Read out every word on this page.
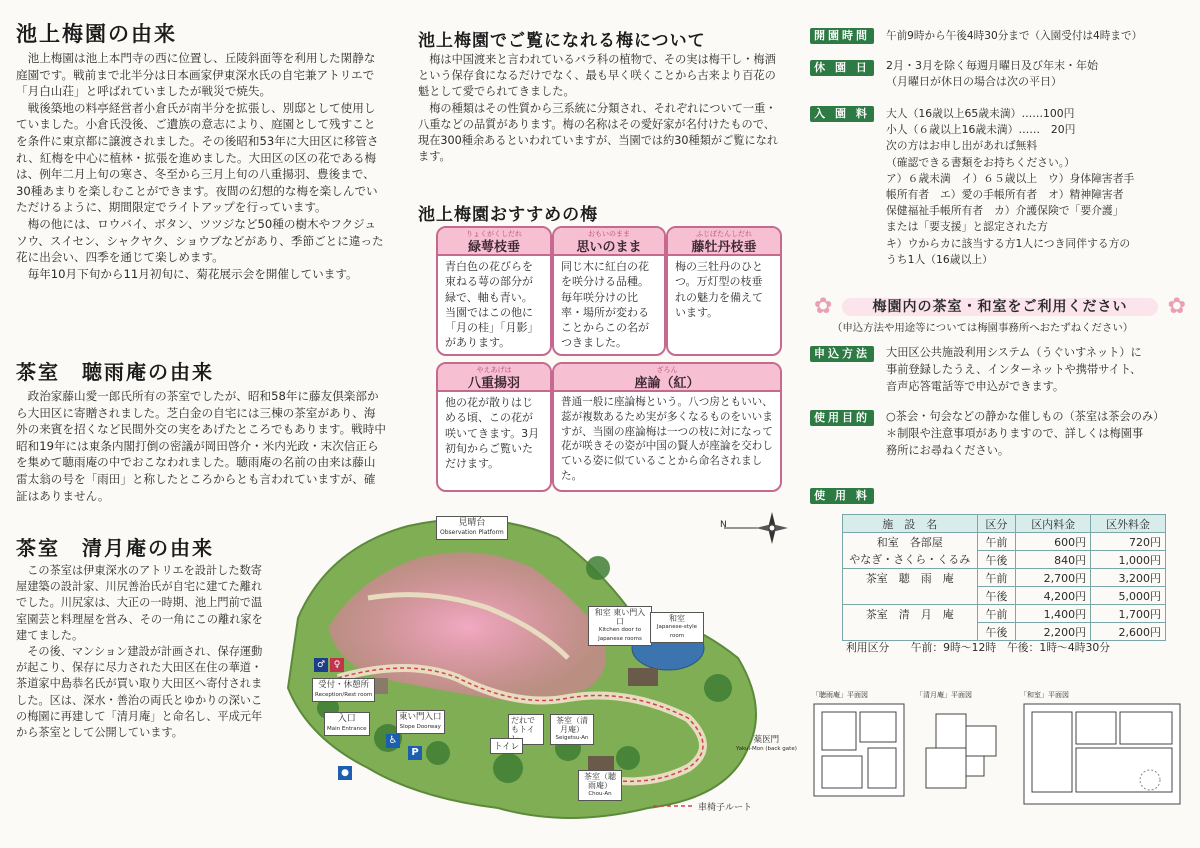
池上梅園の由来

池上梅園は池上本門寺の西に位置し、丘陵斜面等を利用した閑静な庭園です。戦前まで北半分は日本画家伊東深水氏の自宅兼アトリエで「月白山荘」と呼ばれていましたが戦災で焼失。

戦後築地の料亭経営者小倉氏が南半分を拡張し、別邸として使用していました。小倉氏没後、ご遺族の意志により、庭園として残すことを条件に東京都に譲渡されました。その後昭和53年に大田区に移管され、紅梅を中心に植林・拡張を進めました。大田区の区の花である梅は、例年二月上旬の寒さ、冬至から三月上旬の八重揚羽、豊後まで、30種あまりを楽しむことができます。夜間の幻想的な梅を楽しんでいただけるように、期間限定でライトアップを行っています。

梅の他には、ロウバイ、ボタン、ツツジなど50種の樹木やフクジュソウ、スイセン、シャクヤク、ショウブなどがあり、季節ごとに違った花に出会い、四季を通じて楽しめます。

毎年10月下旬から11月初旬に、菊花展示会を開催しています。

茶室　聴雨庵の由来

政治家藤山愛一郎氏所有の茶室でしたが、昭和58年に藤友倶楽部から大田区に寄贈されました。芝白金の自宅には三棟の茶室があり、海外の来賓を招くなど民間外交の実をあげたところでもあります。戦時中昭和19年には東条内閣打倒の密議が岡田啓介・米内光政・末次信正らを集めて聴雨庵の中でおこなわれました。聴雨庵の名前の由来は藤山雷太翁の号を「雨田」と称したところからとも言われていますが、確証はありません。

茶室　清月庵の由来

この茶室は伊東深水のアトリエを設計した数寄屋建築の設計家、川尻善治氏が自宅に建てた離れでした。川尻家は、大正の一時期、池上門前で温室園芸と料理屋を営み、その一角にこの離れ家を建てました。

その後、マンション建設が計画され、保存運動が起こり、保存に尽力された大田区在住の華道・茶道家中島恭名氏が買い取り大田区へ寄付されました。区は、深水・善治の両氏とゆかりの深いこの梅園に再建して「清月庵」と命名し、平成元年から茶室として公開しています。

池上梅園でご覧になれる梅について

梅は中国渡来と言われているバラ科の植物で、その実は梅干し・梅酒という保存食になるだけでなく、最も早く咲くことから古来より百花の魁として愛でられてきました。

梅の種類はその性質から三系統に分類され、それぞれについて一重・八重などの品質があります。梅の名称はその愛好家が名付けたもので、現在300種余あるといわれていますが、当園では約30種類がご覧になれます。

池上梅園おすすめの梅
りょくがくしだれ
緑萼枝垂
青白色の花びらを束ねる萼の部分が緑で、軸も青い。当園ではこの他に「月の桂」「月影」があります。
おもいのまま
思いのまま
同じ木に紅白の花を咲分ける品種。毎年咲分けの比率・場所が変わることからこの名がつきました。
ふじぼたんしだれ
藤牡丹枝垂
梅の三牡丹のひとつ。万灯型の枝垂れの魅力を備えています。
やえあげは
八重揚羽
他の花が散りはじめる頃、この花が咲いてきます。3月初旬からご覧いただけます。
ざろん
座論（紅）
普通一般に座論梅という。八つ房ともいい、蕊が複数あるため実が多くなるものをいいますが、当園の座論梅は一つの枝に対になって花が咲きその姿が中国の賢人が座論を交わしている姿に似ていることから命名されました。
見晴台
Observation Platform
和室 東い門入口
Kitchen door to Japanese rooms
和室
Japanese-style room
受付・休憩所
Reception/Rest room
入口
Main Entrance
東い門入口
Slope Doorway
だれでもトイ
トイレ
茶室（清月庵）
Seigetsu-An
茶室（聴雨庵）
Chou-An
薬医門
Yakui-Mon (back gate)
車椅子ルート
♂ ♀
♿
P
●
N
開園時間	午前9時から午後4時30分まで（入園受付は4時まで）
休 園 日	2月・3月を除く毎週月曜日及び年末・年始
（月曜日が休日の場合は次の平日）
入 園 料	大人（16歳以上65歳未満）……100円
小人（６歳以上16歳未満）……　20円
次の方はお申し出があれば無料
（確認できる書類をお持ちください。）
ア）６歳未満　イ）６５歳以上　ウ）身体障害者手
帳所有者　エ）愛の手帳所有者　オ）精神障害者
保健福祉手帳所有者　カ）介護保険で「要介護」
または「要支援」と認定された方
キ）ウからカに該当する方1人につき同伴する方の
うち1人（16歳以上）
✿	✿
梅園内の茶室・和室をご利用ください
（申込方法や用途等については梅園事務所へおたずねください）
申込方法	大田区公共施設利用システム（うぐいすネット）に
事前登録したうえ、インターネットや携帯サイト、
音声応答電話等で申込ができます。
使用目的	○茶会・句会などの静かな催しもの（茶室は茶会のみ）
＊制限や注意事項がありますので、詳しくは梅園事
務所にお尋ねください。
使 用 料
施　設　名	区分	区内料金	区外料金
和室　各部屋	午前	600円	720円
やなぎ・さくら・くるみ	午後	840円	1,000円
茶室　聴　雨　庵	午前	2,700円	3,200円
	午後	4,200円	5,000円
茶室　清　月　庵	午前	1,400円	1,700円
	午後	2,200円	2,600円
利用区分　　午前：9時～12時　午後：1時～4時30分
「聴雨庵」平面図	「清月庵」平面図	「和室」平面図
